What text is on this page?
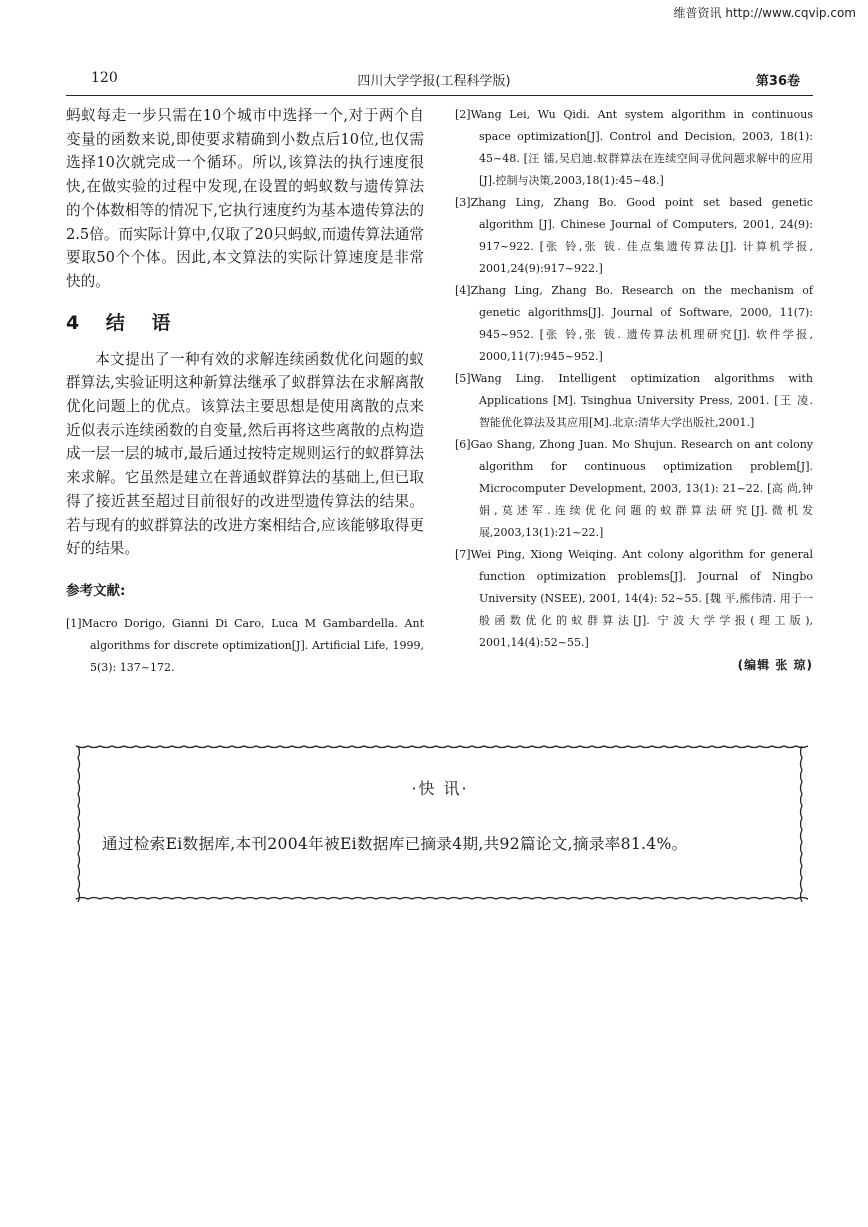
维普资讯 http://www.cqvip.com
120	四川大学学报(工程科学版)	第36卷

蚂蚁每走一步只需在10个城市中选择一个,对于两个自变量的函数来说,即使要求精确到小数点后10位,也仅需选择10次就完成一个循环。所以,该算法的执行速度很快,在做实验的过程中发现,在设置的蚂蚁数与遗传算法的个体数相等的情况下,它执行速度约为基本遗传算法的2.5倍。而实际计算中,仅取了20只蚂蚁,而遗传算法通常要取50个个体。因此,本文算法的实际计算速度是非常快的。

4 结 语

本文提出了一种有效的求解连续函数优化问题的蚁群算法,实验证明这种新算法继承了蚁群算法在求解离散优化问题上的优点。该算法主要思想是使用离散的点来近似表示连续函数的自变量,然后再将这些离散的点构造成一层一层的城市,最后通过按特定规则运行的蚁群算法来求解。它虽然是建立在普通蚁群算法的基础上,但已取得了接近甚至超过目前很好的改进型遗传算法的结果。若与现有的蚁群算法的改进方案相结合,应该能够取得更好的结果。

参考文献:

[1]Macro Dorigo, Gianni Di Caro, Luca M Gambardella. Ant algorithms for discrete optimization[J]. Artificial Life, 1999, 5(3): 137~172.

[2]Wang Lei, Wu Qidi. Ant system algorithm in continuous space optimization[J]. Control and Decision, 2003, 18(1): 45~48. [汪 镭,吴启迪.蚁群算法在连续空间寻优问题求解中的应用[J].控制与决策,2003,18(1):45~48.]

[3]Zhang Ling, Zhang Bo. Good point set based genetic algorithm [J]. Chinese Journal of Computers, 2001, 24(9): 917~922. [张 铃,张 钹. 佳点集遗传算法[J]. 计算机学报, 2001,24(9):917~922.]

[4]Zhang Ling, Zhang Bo. Research on the mechanism of genetic algorithms[J]. Journal of Software, 2000, 11(7): 945~952. [张 铃,张 钹. 遗传算法机理研究[J]. 软件学报, 2000,11(7):945~952.]

[5]Wang Ling. Intelligent optimization algorithms with Applications [M]. Tsinghua University Press, 2001. [王 凌. 智能优化算法及其应用[M].北京:清华大学出版社,2001.]

[6]Gao Shang, Zhong Juan. Mo Shujun. Research on ant colony algorithm for continuous optimization problem[J]. Microcomputer Development, 2003, 13(1): 21~22. [高 尚,钟 娟,莫述军.连续优化问题的蚁群算法研究[J].微机发展,2003,13(1):21~22.]

[7]Wei Ping, Xiong Weiqing. Ant colony algorithm for general function optimization problems[J]. Journal of Ningbo University (NSEE), 2001, 14(4): 52~55. [魏 平,熊伟清. 用于一般函数优化的蚁群算法[J]. 宁波大学学报(理工版), 2001,14(4):52~55.]

(编辑 张 琼)
·快 讯·
通过检索Ei数据库,本刊2004年被Ei数据库已摘录4期,共92篇论文,摘录率81.4%。
